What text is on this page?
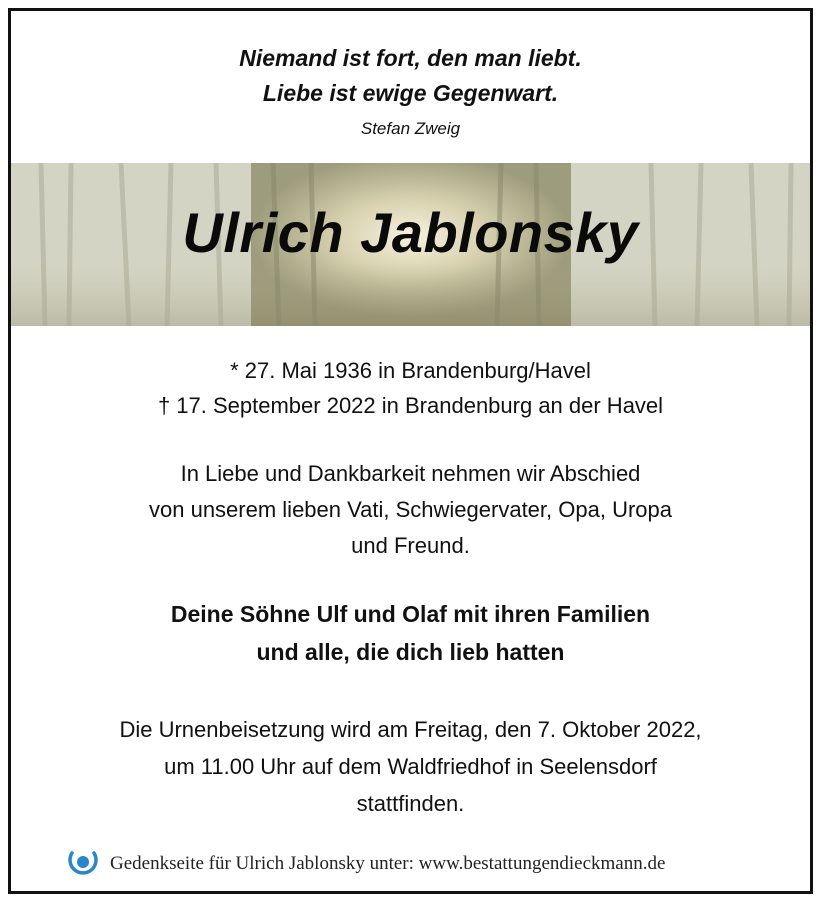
Niemand ist fort, den man liebt.
Liebe ist ewige Gegenwart.
Stefan Zweig
Ulrich Jablonsky
* 27. Mai 1936 in Brandenburg/Havel
† 17. September 2022 in Brandenburg an der Havel
In Liebe und Dankbarkeit nehmen wir Abschied
von unserem lieben Vati, Schwiegervater, Opa, Uropa
und Freund.
Deine Söhne Ulf und Olaf mit ihren Familien
und alle, die dich lieb hatten
Die Urnenbeisetzung wird am Freitag, den 7. Oktober 2022,
um 11.00 Uhr auf dem Waldfriedhof in Seelensdorf
stattfinden.
Gedenkseite für Ulrich Jablonsky unter: www.bestattungendieckmann.de
